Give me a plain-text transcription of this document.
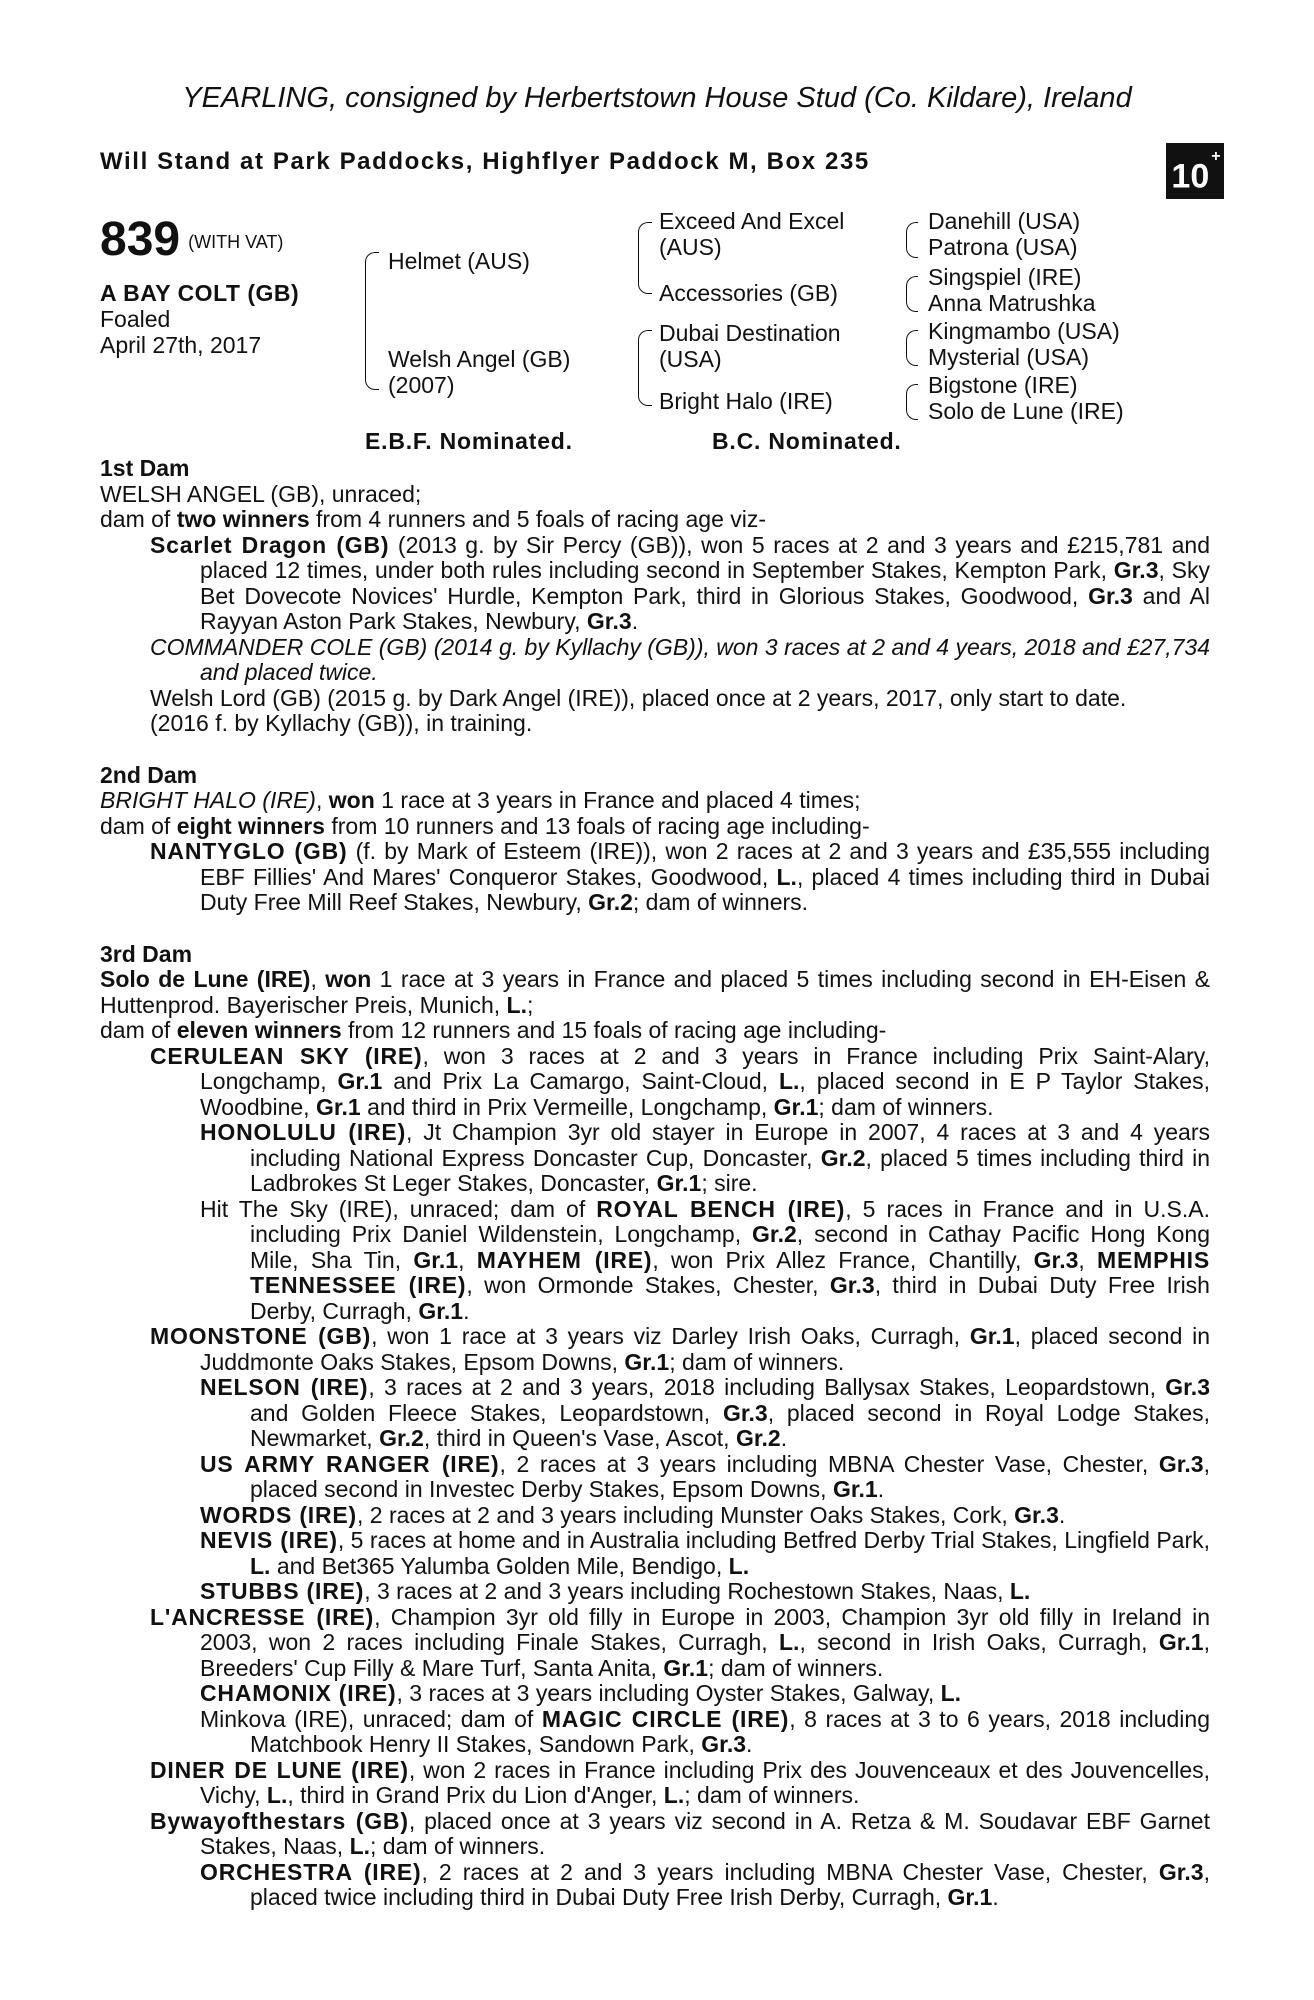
YEARLING, consigned by Herbertstown House Stud (Co. Kildare), Ireland
Will Stand at Park Paddocks, Highflyer Paddock M, Box 235	10+
839 (WITH VAT)
A BAY COLT (GB)
Foaled
April 27th, 2017
Helmet (AUS)
Welsh Angel (GB)
(2007)
Exceed And Excel
(AUS)
Accessories (GB)
Dubai Destination
(USA)
Bright Halo (IRE)
Danehill (USA)
Patrona (USA)
Singspiel (IRE)
Anna Matrushka
Kingmambo (USA)
Mysterial (USA)
Bigstone (IRE)
Solo de Lune (IRE)
E.B.F. Nominated.	B.C. Nominated.
1st Dam
WELSH ANGEL (GB), unraced;
dam of two winners from 4 runners and 5 foals of racing age viz-
Scarlet Dragon (GB) (2013 g. by Sir Percy (GB)), won 5 races at 2 and 3 years and £215,781 and placed 12 times, under both rules including second in September Stakes, Kempton Park, Gr.3, Sky Bet Dovecote Novices' Hurdle, Kempton Park, third in Glorious Stakes, Goodwood, Gr.3 and Al Rayyan Aston Park Stakes, Newbury, Gr.3.
COMMANDER COLE (GB) (2014 g. by Kyllachy (GB)), won 3 races at 2 and 4 years, 2018 and £27,734 and placed twice.
Welsh Lord (GB) (2015 g. by Dark Angel (IRE)), placed once at 2 years, 2017, only start to date.
(2016 f. by Kyllachy (GB)), in training.
2nd Dam
BRIGHT HALO (IRE), won 1 race at 3 years in France and placed 4 times;
dam of eight winners from 10 runners and 13 foals of racing age including-
NANTYGLO (GB) (f. by Mark of Esteem (IRE)), won 2 races at 2 and 3 years and £35,555 including EBF Fillies' And Mares' Conqueror Stakes, Goodwood, L., placed 4 times including third in Dubai Duty Free Mill Reef Stakes, Newbury, Gr.2; dam of winners.
3rd Dam
Solo de Lune (IRE), won 1 race at 3 years in France and placed 5 times including second in EH-Eisen & Huttenprod. Bayerischer Preis, Munich, L.;
dam of eleven winners from 12 runners and 15 foals of racing age including-
CERULEAN SKY (IRE), won 3 races at 2 and 3 years in France including Prix Saint-Alary, Longchamp, Gr.1 and Prix La Camargo, Saint-Cloud, L., placed second in E P Taylor Stakes, Woodbine, Gr.1 and third in Prix Vermeille, Longchamp, Gr.1; dam of winners.
HONOLULU (IRE), Jt Champion 3yr old stayer in Europe in 2007, 4 races at 3 and 4 years including National Express Doncaster Cup, Doncaster, Gr.2, placed 5 times including third in Ladbrokes St Leger Stakes, Doncaster, Gr.1; sire.
Hit The Sky (IRE), unraced; dam of ROYAL BENCH (IRE), 5 races in France and in U.S.A. including Prix Daniel Wildenstein, Longchamp, Gr.2, second in Cathay Pacific Hong Kong Mile, Sha Tin, Gr.1, MAYHEM (IRE), won Prix Allez France, Chantilly, Gr.3, MEMPHIS TENNESSEE (IRE), won Ormonde Stakes, Chester, Gr.3, third in Dubai Duty Free Irish Derby, Curragh, Gr.1.
MOONSTONE (GB), won 1 race at 3 years viz Darley Irish Oaks, Curragh, Gr.1, placed second in Juddmonte Oaks Stakes, Epsom Downs, Gr.1; dam of winners.
NELSON (IRE), 3 races at 2 and 3 years, 2018 including Ballysax Stakes, Leopardstown, Gr.3 and Golden Fleece Stakes, Leopardstown, Gr.3, placed second in Royal Lodge Stakes, Newmarket, Gr.2, third in Queen's Vase, Ascot, Gr.2.
US ARMY RANGER (IRE), 2 races at 3 years including MBNA Chester Vase, Chester, Gr.3, placed second in Investec Derby Stakes, Epsom Downs, Gr.1.
WORDS (IRE), 2 races at 2 and 3 years including Munster Oaks Stakes, Cork, Gr.3.
NEVIS (IRE), 5 races at home and in Australia including Betfred Derby Trial Stakes, Lingfield Park, L. and Bet365 Yalumba Golden Mile, Bendigo, L.
STUBBS (IRE), 3 races at 2 and 3 years including Rochestown Stakes, Naas, L.
L'ANCRESSE (IRE), Champion 3yr old filly in Europe in 2003, Champion 3yr old filly in Ireland in 2003, won 2 races including Finale Stakes, Curragh, L., second in Irish Oaks, Curragh, Gr.1, Breeders' Cup Filly & Mare Turf, Santa Anita, Gr.1; dam of winners.
CHAMONIX (IRE), 3 races at 3 years including Oyster Stakes, Galway, L.
Minkova (IRE), unraced; dam of MAGIC CIRCLE (IRE), 8 races at 3 to 6 years, 2018 including Matchbook Henry II Stakes, Sandown Park, Gr.3.
DINER DE LUNE (IRE), won 2 races in France including Prix des Jouvenceaux et des Jouvencelles, Vichy, L., third in Grand Prix du Lion d'Anger, L.; dam of winners.
Bywayofthestars (GB), placed once at 3 years viz second in A. Retza & M. Soudavar EBF Garnet Stakes, Naas, L.; dam of winners.
ORCHESTRA (IRE), 2 races at 2 and 3 years including MBNA Chester Vase, Chester, Gr.3, placed twice including third in Dubai Duty Free Irish Derby, Curragh, Gr.1.
